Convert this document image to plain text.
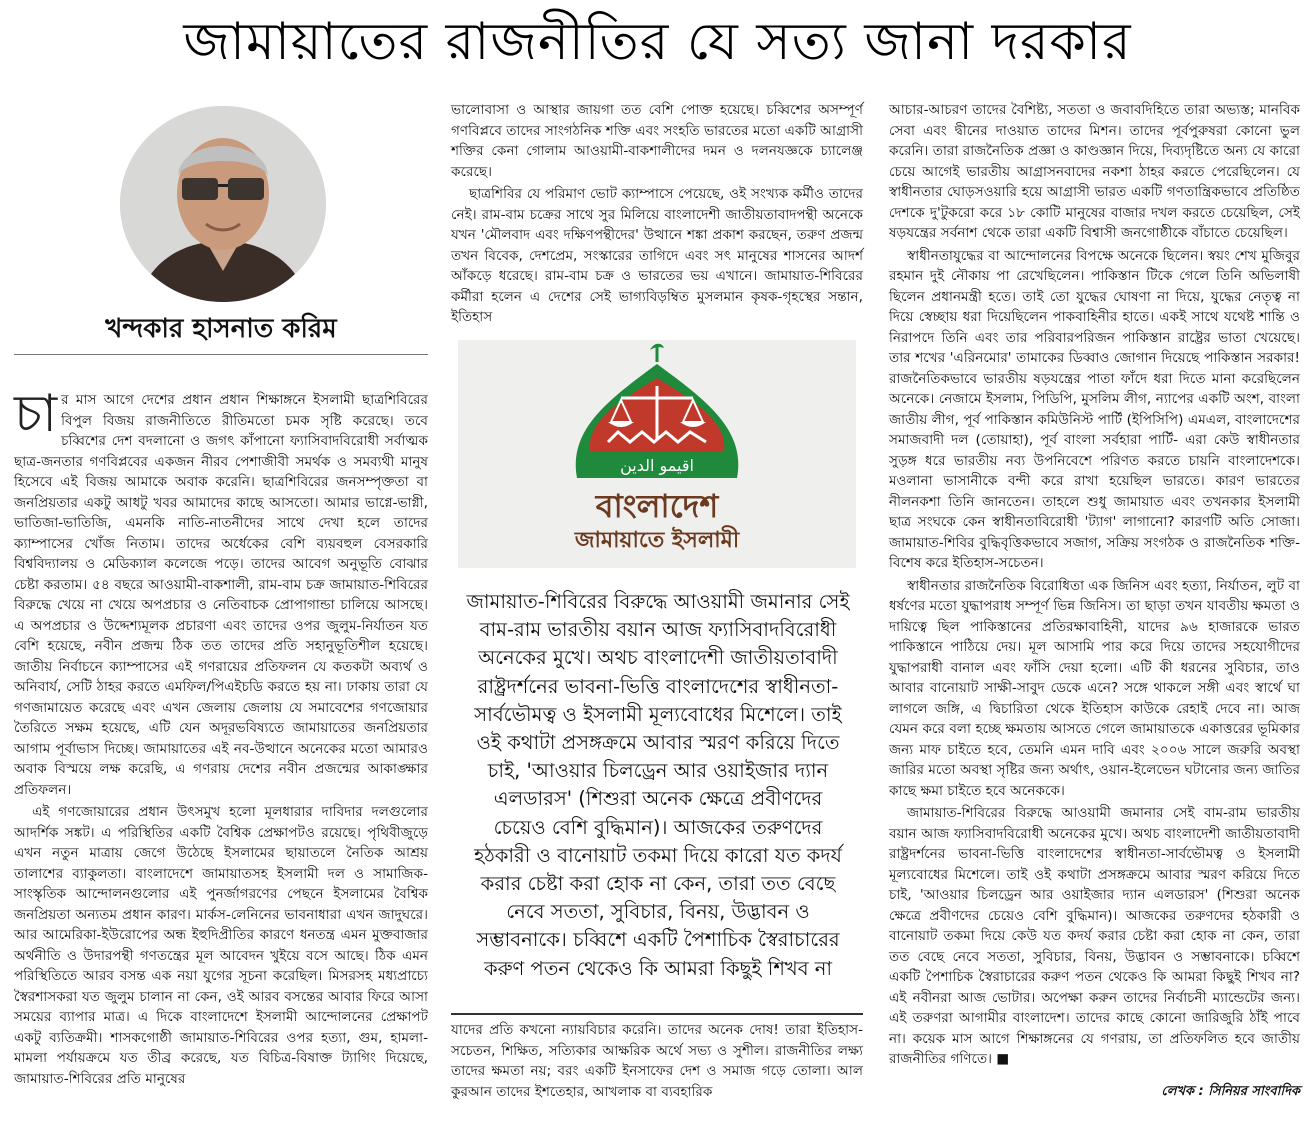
জামায়াতের রাজনীতির যে সত্য জানা দরকার
খন্দকার হাসনাত করিম

চার মাস আগে দেশের প্রধান প্রধান শিক্ষাঙ্গনে ইসলামী ছাত্রশিবিরের বিপুল বিজয় রাজনীতিতে রীতিমতো চমক সৃষ্টি করেছে। তবে চব্বিশের দেশ বদলানো ও জগৎ কাঁপানো ফ্যাসিবাদবিরোধী সর্বাত্মক ছাত্র-জনতার গণবিপ্লবের একজন নীরব পেশাজীবী সমর্থক ও সমব্যথী মানুষ হিসেবে এই বিজয় আমাকে অবাক করেনি। ছাত্রশিবিরের জনসম্পৃক্ততা বা জনপ্রিয়তার একটু আধটু খবর আমাদের কাছে আসতো। আমার ভাগ্নে-ভাগ্নী, ভাতিজা-ভাতিজি, এমনকি নাতি-নাতনীদের সাথে দেখা হলে তাদের ক্যাম্পাসের খোঁজ নিতাম। তাদের অর্ধেকের বেশি ব্যয়বহুল বেসরকারি বিশ্ববিদ্যালয় ও মেডিক্যাল কলেজে পড়ে। তাদের আবেগ অনুভূতি বোঝার চেষ্টা করতাম। ৫৪ বছরে আওয়ামী-বাকশালী, রাম-বাম চক্র জামায়াত-শিবিরের বিরুদ্ধে খেয়ে না খেয়ে অপপ্রচার ও নেতিবাচক প্রোপাগান্ডা চালিয়ে আসছে। এ অপপ্রচার ও উদ্দেশ্যমূলক প্রচারণা এবং তাদের ওপর জুলুম-নির্যাতন যত বেশি হয়েছে, নবীন প্রজন্ম ঠিক তত তাদের প্রতি সহানুভূতিশীল হয়েছে। জাতীয় নির্বাচনে ক্যাম্পাসের এই গণরায়ের প্রতিফলন যে কতকটা অব্যর্থ ও অনিবার্য, সেটি ঠাহর করতে এমফিল/পিএইচডি করতে হয় না। ঢাকায় তারা যে গণজামায়েত করেছে এবং এখন জেলায় জেলায় যে সমাবেশের গণজোয়ার তৈরিতে সক্ষম হয়েছে, এটি যেন অদূরভবিষ্যতে জামায়াতের জনপ্রিয়তার আগাম পূর্বাভাস দিচ্ছে। জামায়াতের এই নব-উত্থানে অনেকের মতো আমারও অবাক বিস্ময়ে লক্ষ করেছি, এ গণরায় দেশের নবীন প্রজন্মের আকাঙ্ক্ষার প্রতিফলন।

এই গণজোয়ারের প্রধান উৎসমুখ হলো মূলধারার দাবিদার দলগুলোর আদর্শিক সঙ্কট। এ পরিস্থিতির একটি বৈশ্বিক প্রেক্ষাপটও রয়েছে। পৃথিবীজুড়ে এখন নতুন মাত্রায় জেগে উঠেছে ইসলামের ছায়াতলে নৈতিক আশ্রয় তালাশের ব্যাকুলতা। বাংলাদেশে জামায়াতসহ ইসলামী দল ও সামাজিক-সাংস্কৃতিক আন্দোলনগুলোর এই পুনর্জাগরণের পেছনে ইসলামের বৈশ্বিক জনপ্রিয়তা অন্যতম প্রধান কারণ। মার্কস-লেনিনের ভাবনাধারা এখন জাদুঘরে। আর আমেরিকা-ইউরোপের অন্ধ ইহুদিপ্রীতির কারণে ধনতন্ত্র এমন মুক্তবাজার অর্থনীতি ও উদারপন্থী গণতন্ত্রের মূল আবেদন খুইয়ে বসে আছে। ঠিক এমন পরিস্থিতিতে আরব বসন্ত এক নয়া যুগের সূচনা করেছিল। মিসরসহ মধ্যপ্রাচ্যে স্বৈরশাসকরা যত জুলুম চালান না কেন, ওই আরব বসন্তের আবার ফিরে আসা সময়ের ব্যাপার মাত্র। এ দিকে বাংলাদেশে ইসলামী আন্দোলনের প্রেক্ষাপট একটু ব্যতিক্রমী। শাসকগোষ্ঠী জামায়াত-শিবিরের ওপর হত্যা, গুম, হামলা-মামলা পর্যায়ক্রমে যত তীব্র করেছে, যত বিচিত্র-বিষাক্ত ট্যাগিং দিয়েছে, জামায়াত-শিবিরের প্রতি মানুষের

ভালোবাসা ও আস্থার জায়গা তত বেশি পোক্ত হয়েছে। চব্বিশের অসম্পূর্ণ গণবিপ্লবে তাদের সাংগঠনিক শক্তি এবং সংহতি ভারতের মতো একটি আগ্রাসী শক্তির কেনা গোলাম আওয়ামী-বাকশালীদের দমন ও দলনযজ্ঞকে চ্যালেঞ্জ করেছে।

ছাত্রশিবির যে পরিমাণ ভোট ক্যাম্পাসে পেয়েছে, ওই সংখ্যক কর্মীও তাদের নেই। রাম-বাম চক্রের সাথে সুর মিলিয়ে বাংলাদেশী জাতীয়তাবাদপন্থী অনেকে যখন 'মৌলবাদ এবং দক্ষিণপন্থীদের' উত্থানে শঙ্কা প্রকাশ করছেন, তরুণ প্রজন্ম তখন বিবেক, দেশপ্রেম, সংস্কারের তাগিদে এবং সৎ মানুষের শাসনের আদর্শ আঁকড়ে ধরেছে। রাম-বাম চক্র ও ভারতের ভয় এখানে। জামায়াত-শিবিরের কর্মীরা হলেন এ দেশের সেই ভাগ্যবিড়ম্বিত মুসলমান কৃষক-গৃহস্থের সন্তান, ইতিহাস

اقيمو الدين
বাংলাদেশ
জামায়াতে ইসলামী
জামায়াত-শিবিরের বিরুদ্ধে আওয়ামী জমানার সেই বাম-রাম ভারতীয় বয়ান আজ ফ্যাসিবাদবিরোধী অনেকের মুখে। অথচ বাংলাদেশী জাতীয়তাবাদী রাষ্ট্রদর্শনের ভাবনা-ভিত্তি বাংলাদেশের স্বাধীনতা-সার্বভৌমত্ব ও ইসলামী মূল্যবোধের মিশেলে। তাই ওই কথাটা প্রসঙ্গক্রমে আবার স্মরণ করিয়ে দিতে চাই, 'আওয়ার চিলড্রেন আর ওয়াইজার দ্যান এলডারস' (শিশুরা অনেক ক্ষেত্রে প্রবীণদের চেয়েও বেশি বুদ্ধিমান)। আজকের তরুণদের হঠকারী ও বানোয়াট তকমা দিয়ে কারো যত কদর্য করার চেষ্টা করা হোক না কেন, তারা তত বেছে নেবে সততা, সুবিচার, বিনয়, উদ্ভাবন ও সম্ভাবনাকে। চব্বিশে একটি পৈশাচিক স্বৈরাচারের করুণ পতন থেকেও কি আমরা কিছুই শিখব না

যাদের প্রতি কখনো ন্যায়বিচার করেনি। তাদের অনেক দোষ! তারা ইতিহাস-সচেতন, শিক্ষিত, সত্যিকার আক্ষরিক অর্থে সভ্য ও সুশীল। রাজনীতির লক্ষ্য তাদের ক্ষমতা নয়; বরং একটি ইনসাফের দেশ ও সমাজ গড়ে তোলা। আল কুরআন তাদের ইশতেহার, আখলাক বা ব্যবহারিক

আচার-আচরণ তাদের বৈশিষ্ট্য, সততা ও জবাবদিহিতে তারা অভ্যস্ত; মানবিক সেবা এবং দ্বীনের দাওয়াত তাদের মিশন। তাদের পূর্বপুরুষরা কোনো ভুল করেনি। তারা রাজনৈতিক প্রজ্ঞা ও কাণ্ডজ্ঞান দিয়ে, দিব্যদৃষ্টিতে অন্য যে কারো চেয়ে আগেই ভারতীয় আগ্রাসনবাদের নকশা ঠাহর করতে পেরেছিলেন। যে স্বাধীনতার ঘোড়সওয়ারি হয়ে আগ্রাসী ভারত একটি গণতান্ত্রিকভাবে প্রতিষ্ঠিত দেশকে দু'টুকরো করে ১৮ কোটি মানুষের বাজার দখল করতে চেয়েছিল, সেই ষড়যন্ত্রের সর্বনাশ থেকে তারা একটি বিশ্বাসী জনগোষ্ঠীকে বাঁচাতে চেয়েছিল।

স্বাধীনতাযুদ্ধের বা আন্দোলনের বিপক্ষে অনেকে ছিলেন। স্বয়ং শেখ মুজিবুর রহমান দুই নৌকায় পা রেখেছিলেন। পাকিস্তান টিকে গেলে তিনি অভিলাষী ছিলেন প্রধানমন্ত্রী হতে। তাই তো যুদ্ধের ঘোষণা না দিয়ে, যুদ্ধের নেতৃত্ব না দিয়ে স্বেচ্ছায় ধরা দিয়েছিলেন পাকবাহিনীর হাতে। একই সাথে যথেষ্ট শান্তি ও নিরাপদে তিনি এবং তার পরিবারপরিজন পাকিস্তান রাষ্ট্রের ভাতা খেয়েছে। তার শখের 'এরিনমোর' তামাকের ডিব্বাও জোগান দিয়েছে পাকিস্তান সরকার! রাজনৈতিকভাবে ভারতীয় ষড়যন্ত্রের পাতা ফাঁদে ধরা দিতে মানা করেছিলেন অনেকে। নেজামে ইসলাম, পিডিপি, মুসলিম লীগ, ন্যাপের একটি অংশ, বাংলা জাতীয় লীগ, পূর্ব পাকিস্তান কমিউনিস্ট পার্টি (ইপিসিপি) এমএল, বাংলাদেশের সমাজবাদী দল (তোয়াহা), পূর্ব বাংলা সর্বহারা পার্টি- এরা কেউ স্বাধীনতার সুড়ঙ্গ ধরে ভারতীয় নব্য উপনিবেশে পরিণত করতে চায়নি বাংলাদেশকে। মওলানা ভাসানীকে বন্দী করে রাখা হয়েছিল ভারতে। কারণ ভারতের নীলনকশা তিনি জানতেন। তাহলে শুধু জামায়াত এবং তখনকার ইসলামী ছাত্র সংঘকে কেন স্বাধীনতাবিরোধী 'ট্যাগ' লাগানো? কারণটি অতি সোজা। জামায়াত-শিবির বুদ্ধিবৃত্তিকভাবে সজাগ, সক্রিয় সংগঠক ও রাজনৈতিক শক্তি-বিশেষ করে ইতিহাস-সচেতন।

স্বাধীনতার রাজনৈতিক বিরোধিতা এক জিনিস এবং হত্যা, নির্যাতন, লুট বা ধর্ষণের মতো যুদ্ধাপরাধ সম্পূর্ণ ভিন্ন জিনিস। তা ছাড়া তখন যাবতীয় ক্ষমতা ও দায়িত্বে ছিল পাকিস্তানের প্রতিরক্ষাবাহিনী, যাদের ৯৬ হাজারকে ভারত পাকিস্তানে পাঠিয়ে দেয়। মূল আসামি পার করে দিয়ে তাদের সহযোগীদের যুদ্ধাপরাধী বানাল এবং ফাঁসি দেয়া হলো। এটি কী ধরনের সুবিচার, তাও আবার বানোয়াট সাক্ষী-সাবুদ ডেকে এনে? সঙ্গে থাকলে সঙ্গী এবং স্বার্থে ঘা লাগলে জঙ্গি, এ দ্বিচারিতা থেকে ইতিহাস কাউকে রেহাই দেবে না। আজ যেমন করে বলা হচ্ছে ক্ষমতায় আসতে গেলে জামায়াতকে একাত্তরের ভূমিকার জন্য মাফ চাইতে হবে, তেমনি এমন দাবি এবং ২০০৬ সালে জরুরি অবস্থা জারির মতো অবস্থা সৃষ্টির জন্য অর্থাৎ, ওয়ান-ইলেভেন ঘটানোর জন্য জাতির কাছে ক্ষমা চাইতে হবে অনেককে।

জামায়াত-শিবিরের বিরুদ্ধে আওয়ামী জমানার সেই বাম-রাম ভারতীয় বয়ান আজ ফ্যাসিবাদবিরোধী অনেকের মুখে। অথচ বাংলাদেশী জাতীয়তাবাদী রাষ্ট্রদর্শনের ভাবনা-ভিত্তি বাংলাদেশের স্বাধীনতা-সার্বভৌমত্ব ও ইসলামী মূল্যবোধের মিশেলে। তাই ওই কথাটা প্রসঙ্গক্রমে আবার স্মরণ করিয়ে দিতে চাই, 'আওয়ার চিলড্রেন আর ওয়াইজার দ্যান এলডারস' (শিশুরা অনেক ক্ষেত্রে প্রবীণদের চেয়েও বেশি বুদ্ধিমান)। আজকের তরুণদের হঠকারী ও বানোয়াট তকমা দিয়ে কেউ যত কদর্য করার চেষ্টা করা হোক না কেন, তারা তত বেছে নেবে সততা, সুবিচার, বিনয়, উদ্ভাবন ও সম্ভাবনাকে। চব্বিশে একটি পৈশাচিক স্বৈরাচারের করুণ পতন থেকেও কি আমরা কিছুই শিখব না? এই নবীনরা আজ ভোটার। অপেক্ষা করুন তাদের নির্বাচনী ম্যান্ডেটের জন্য। এই তরুণরা আগামীর বাংলাদেশ। তাদের কাছে কোনো জারিজুরি ঠাঁই পাবে না। কয়েক মাস আগে শিক্ষাঙ্গনের যে গণরায়, তা প্রতিফলিত হবে জাতীয় রাজনীতির গণিতে। ■

লেখক : সিনিয়র সাংবাদিক
